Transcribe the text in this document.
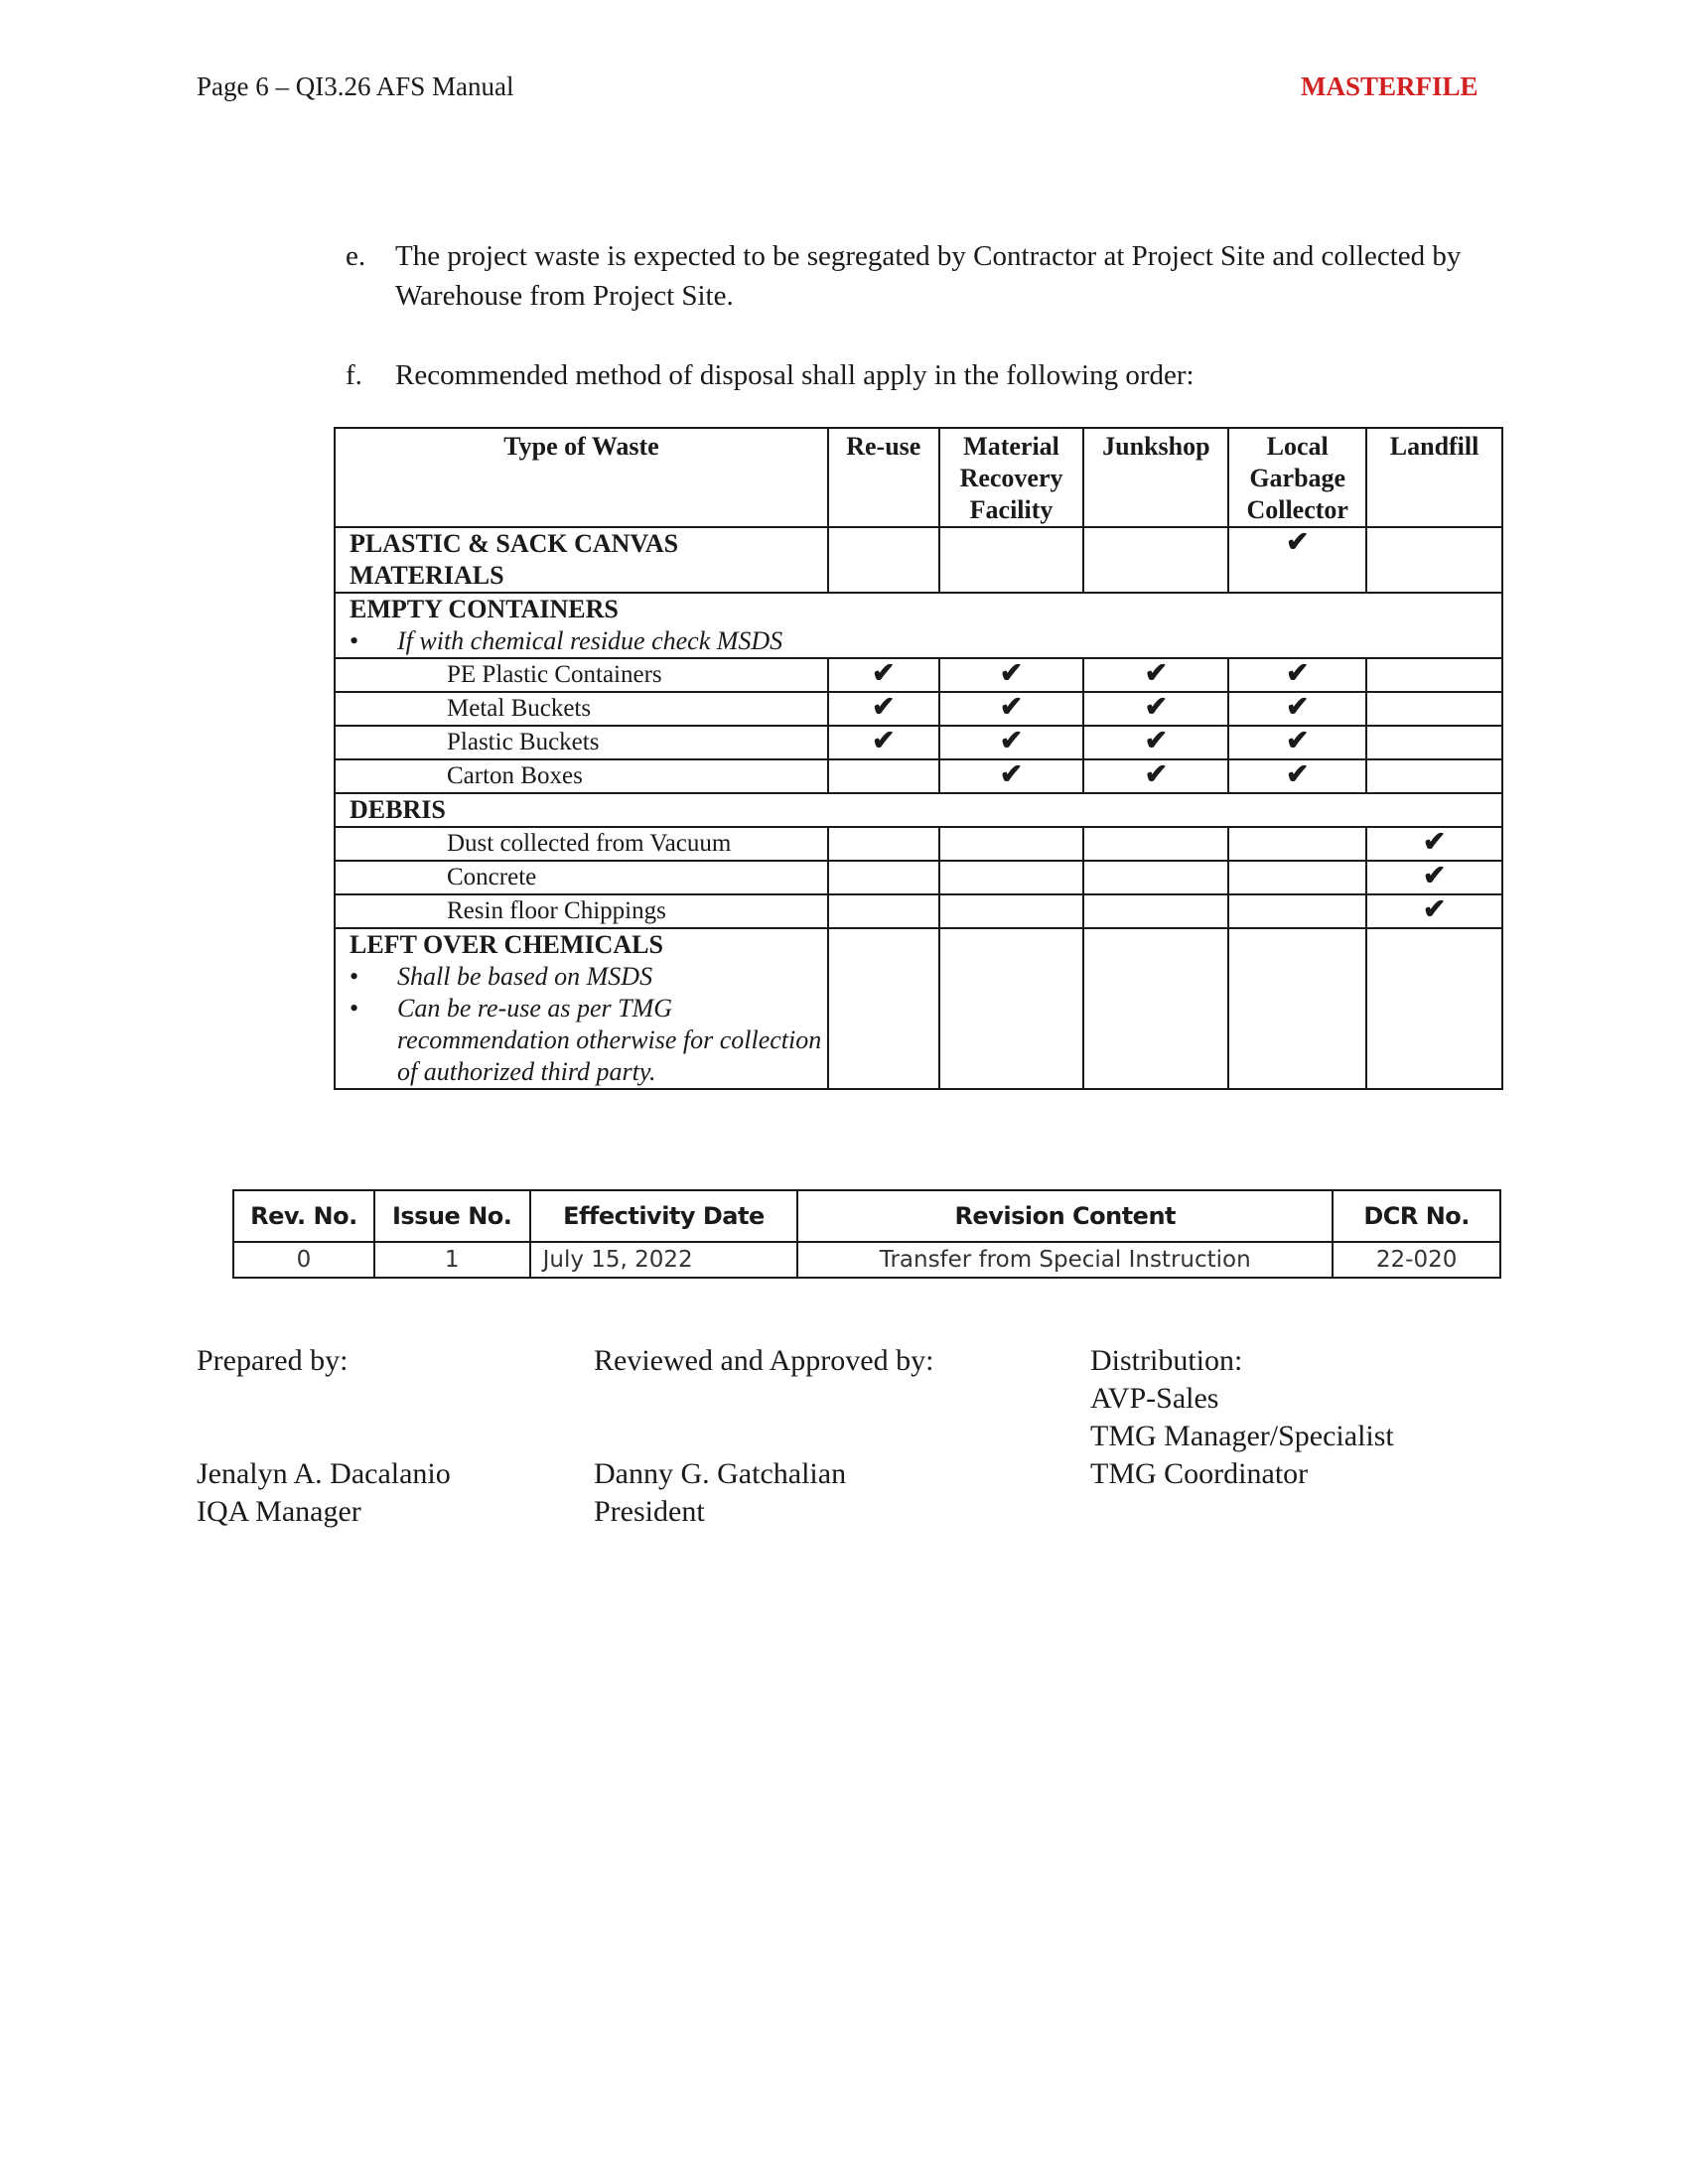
Page 6 – QI3.26 AFS Manual	MASTERFILE
e. The project waste is expected to be segregated by Contractor at Project Site and collected by Warehouse from Project Site.
f. Recommended method of disposal shall apply in the following order:
Type of Waste	Re-use	Material Recovery Facility	Junkshop	Local Garbage Collector	Landfill
PLASTIC & SACK CANVAS MATERIALS				✔	

EMPTY CONTAINERS
• If with chemical residue check MSDS					

PE Plastic Containers	✔	✔	✔	✔	
Metal Buckets	✔	✔	✔	✔	
Plastic Buckets	✔	✔	✔	✔	
Carton Boxes		✔	✔	✔	
DEBRIS					
Dust collected from Vacuum					✔
Concrete					✔
Resin floor Chippings					✔

LEFT OVER CHEMICALS
• Shall be based on MSDS
• Can be re-use as per TMG recommendation otherwise for collection of authorized third party.					

Rev. No.	Issue No.	Effectivity Date	Revision Content	DCR No.
0	1	July 15, 2022	Transfer from Special Instruction	22-020
Prepared by:
Jenalyn A. Dacalanio
IQA Manager
Reviewed and Approved by:
Danny G. Gatchalian
President
Distribution:
AVP-Sales
TMG Manager/Specialist
TMG Coordinator
